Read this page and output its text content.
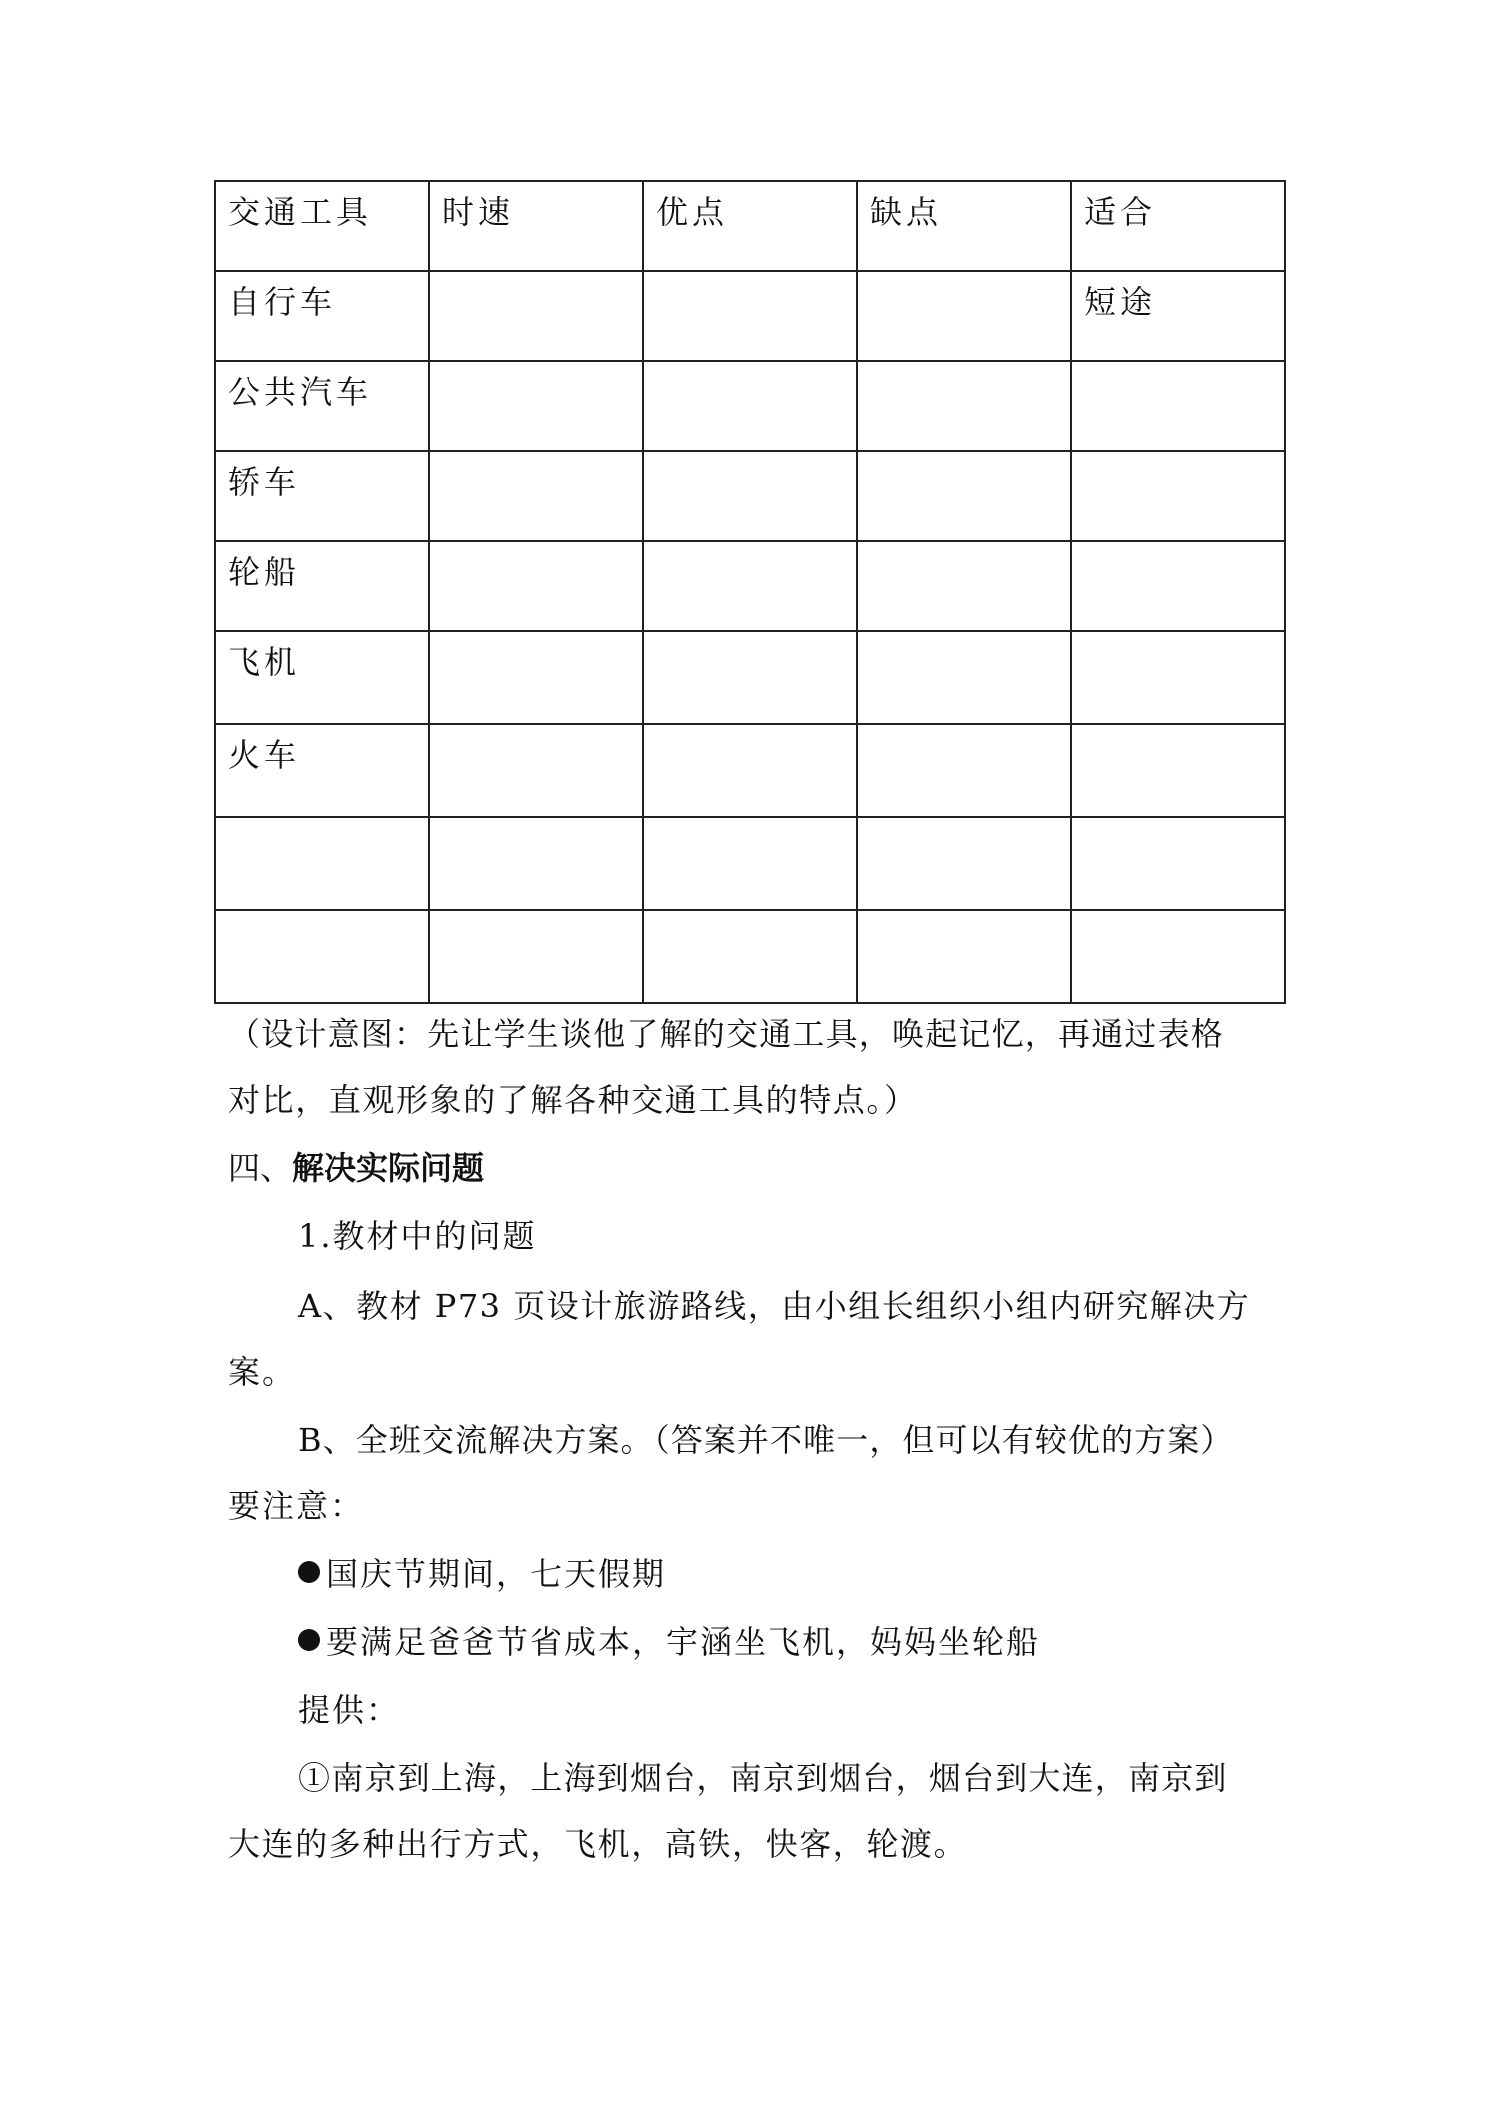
交通工具	时速	优点	缺点	适合
自行车				短途
公共汽车				
轿车				
轮船				
飞机				
火车				

（设计意图：先让学生谈他了解的交通工具，唤起记忆，再通过表格
对比，直观形象的了解各种交通工具的特点。）
四、解决实际问题
1.教材中的问题
A、教材 P73 页设计旅游路线，由小组长组织小组内研究解决方
案。
B、全班交流解决方案。（答案并不唯一，但可以有较优的方案）
要注意：
国庆节期间，七天假期
要满足爸爸节省成本，宇涵坐飞机，妈妈坐轮船
提供：
①南京到上海，上海到烟台，南京到烟台，烟台到大连，南京到
大连的多种出行方式，飞机，高铁，快客，轮渡。
